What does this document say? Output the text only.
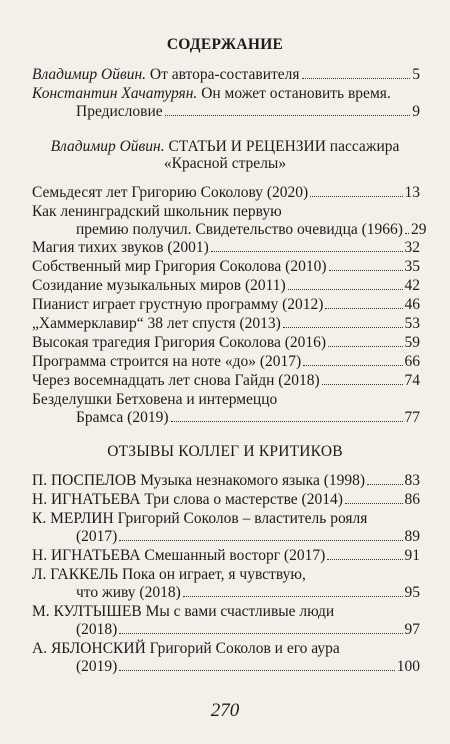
СОДЕРЖАНИЕ
Владимир Ойвин.
От автора-составителя	5
Константин Хачатурян. Он может остановить время.
Предисловие	9
Владимир Ойвин. СТАТЬИ И РЕЦЕНЗИИ пассажира
«Красной стрелы»
Семьдесят лет Григорию Соколову (2020)	13
Как ленинградский школьник первую
премию получил. Свидетельство очевидца (1966) 29
Магия тихих звуков (2001)	32
Собственный мир Григория Соколова (2010)	35
Созидание музыкальных миров (2011)	42
Пианист играет грустную программу (2012)	46
„Хаммерклавир“ 38 лет спустя (2013)	53
Высокая трагедия Григория Соколова (2016)	59
Программа строится на ноте «до» (2017)	66
Через восемнадцать лет снова Гайдн (2018)	74
Безделушки Бетховена и интермеццо
Брамса (2019)	77
ОТЗЫВЫ КОЛЛЕГ И КРИТИКОВ
П. ПОСПЕЛОВ Музыка незнакомого языка (1998)	83
Н. ИГНАТЬЕВА Три слова о мастерстве (2014)	86
К. МЕРЛИН Григорий Соколов – властитель рояля
(2017)	89
Н. ИГНАТЬЕВА Смешанный восторг (2017)	91
Л. ГАККЕЛЬ Пока он играет, я чувствую,
что живу (2018)	95
М. КУЛТЫШЕВ Мы с вами счастливые люди
(2018)	97
А. ЯБЛОНСКИЙ Григорий Соколов и его аура
(2019)	100
270
